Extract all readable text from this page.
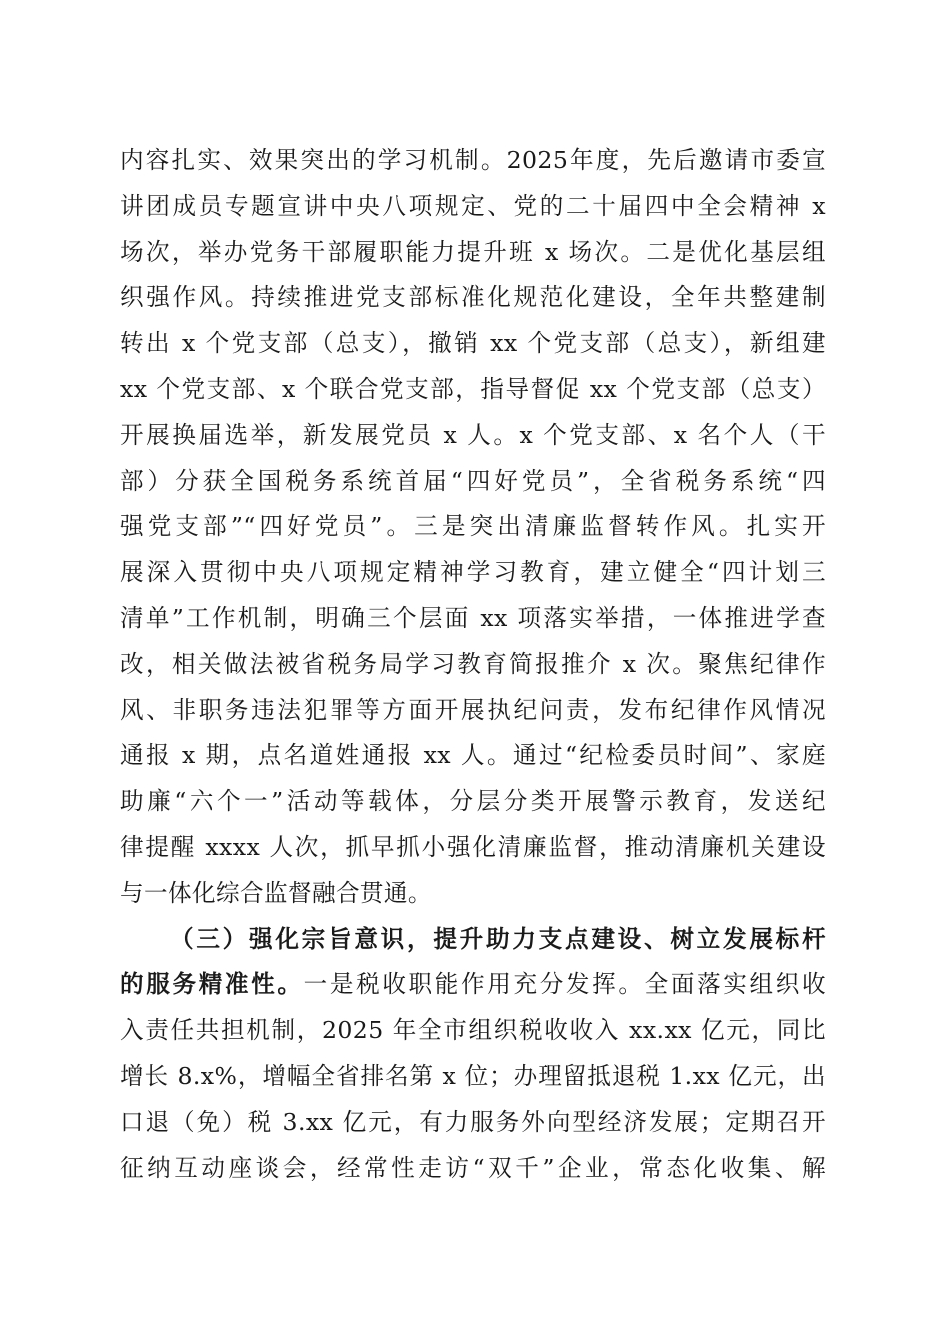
内容扎实、效果突出的学习机制。2025年度，先后邀请市委宣
讲团成员专题宣讲中央八项规定、党的二十届四中全会精神 x
场次，举办党务干部履职能力提升班 x 场次。二是优化基层组
织强作风。持续推进党支部标准化规范化建设，全年共整建制
转出 x 个党支部（总支），撤销 xx 个党支部（总支），新组建
xx 个党支部、x 个联合党支部，指导督促 xx 个党支部（总支）
开展换届选举，新发展党员 x 人。x 个党支部、x 名个人（干
部）分获全国税务系统首届“四好党员”，全省税务系统“四
强党支部”“四好党员”。三是突出清廉监督转作风。扎实开
展深入贯彻中央八项规定精神学习教育，建立健全“四计划三
清单”工作机制，明确三个层面 xx 项落实举措，一体推进学查
改，相关做法被省税务局学习教育简报推介 x 次。聚焦纪律作
风、非职务违法犯罪等方面开展执纪问责，发布纪律作风情况
通报 x 期，点名道姓通报 xx 人。通过“纪检委员时间”、家庭
助廉“六个一”活动等载体，分层分类开展警示教育，发送纪
律提醒 xxxx 人次，抓早抓小强化清廉监督，推动清廉机关建设
与一体化综合监督融合贯通。

（三）强化宗旨意识，提升助力支点建设、树立发展标杆
的服务精准性。一是税收职能作用充分发挥。全面落实组织收
入责任共担机制，2025 年全市组织税收收入 xx.xx 亿元，同比
增长 8.x%，增幅全省排名第 x 位；办理留抵退税 1.xx 亿元，出
口退（免）税 3.xx 亿元，有力服务外向型经济发展；定期召开
征纳互动座谈会，经常性走访“双千”企业，常态化收集、解
